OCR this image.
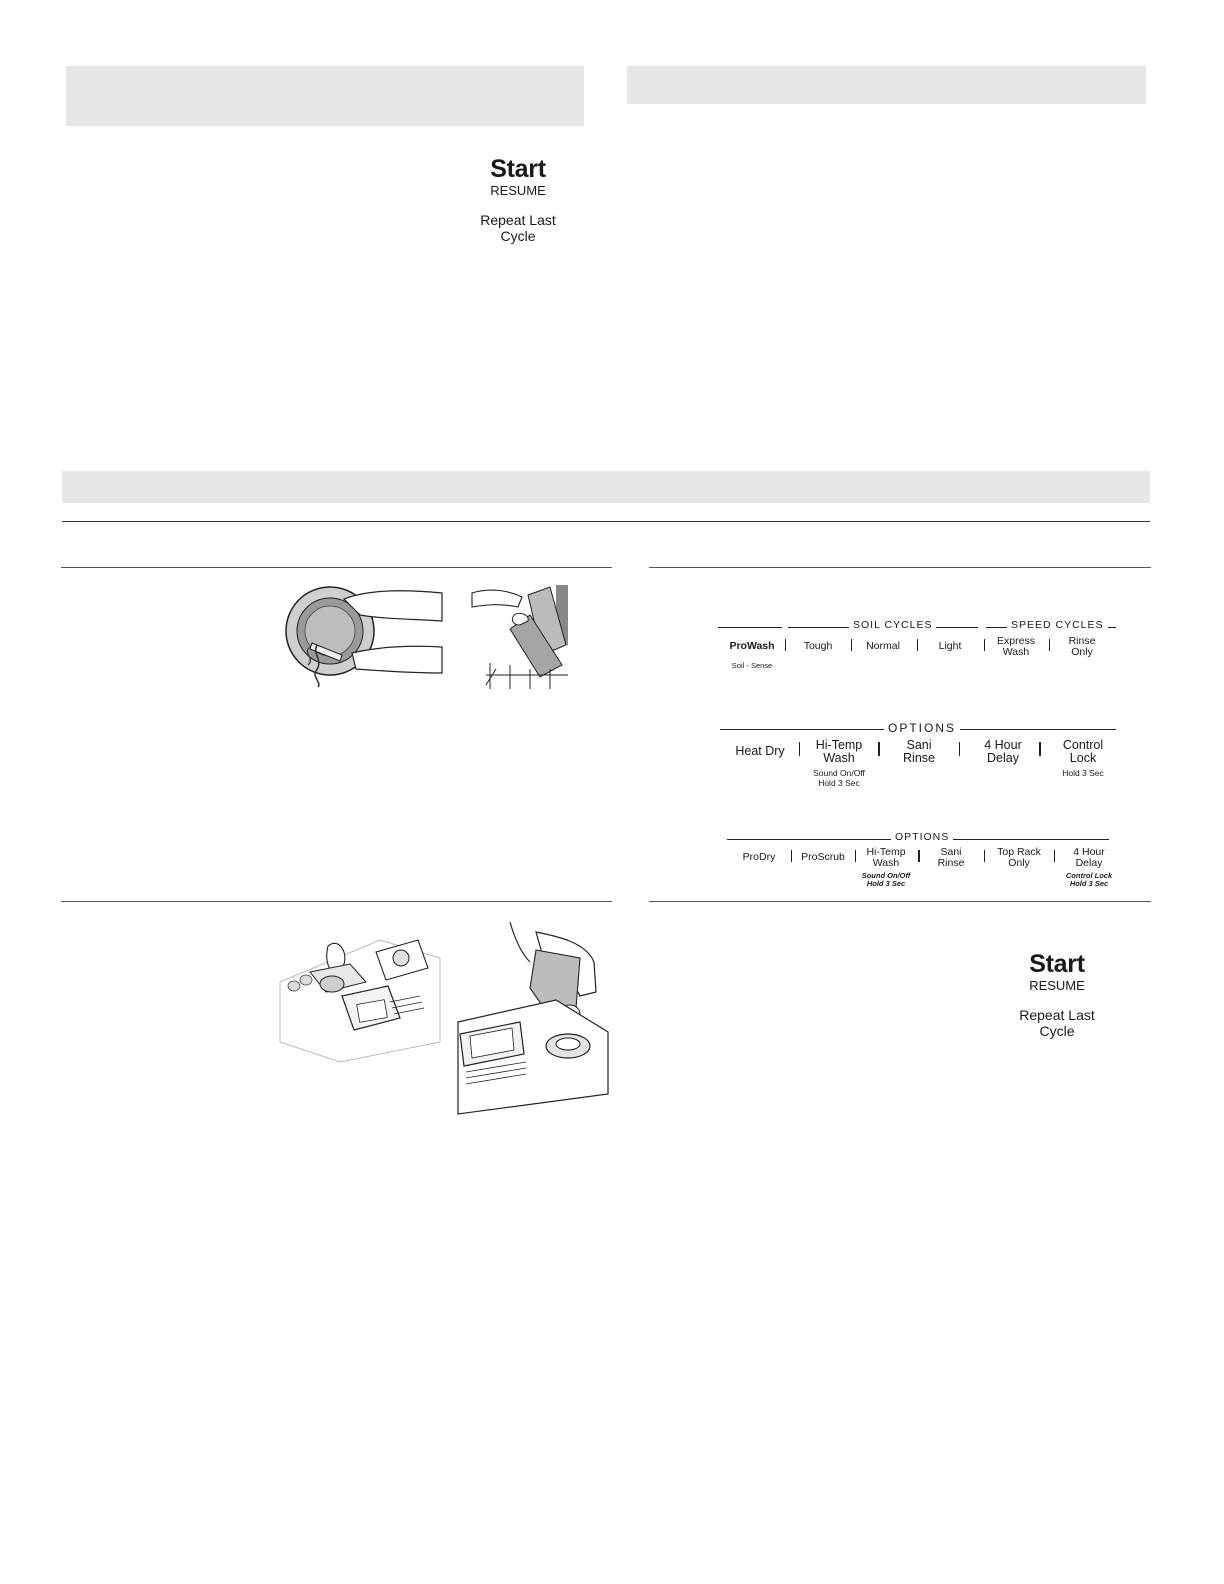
Start
RESUME
Repeat Last
Cycle
SOIL CYCLES	SPEED CYCLES
ProWash	Tough	Normal	Light	Express
Wash
Rinse
Only
Soil - Sense
OPTIONS
Heat Dry Hi-Temp
Wash
Sani
Rinse
4 Hour
Delay
Control
Lock
Sound On/Off
Hold 3 Sec
Hold 3 Sec
OPTIONS
ProDry ProScrub Hi-Temp
Wash
Sani
Rinse
Top Rack
Only
4 Hour
Delay
Sound On/Off
Hold 3 Sec
Control Lock
Hold 3 Sec
Start
RESUME
Repeat Last
Cycle
